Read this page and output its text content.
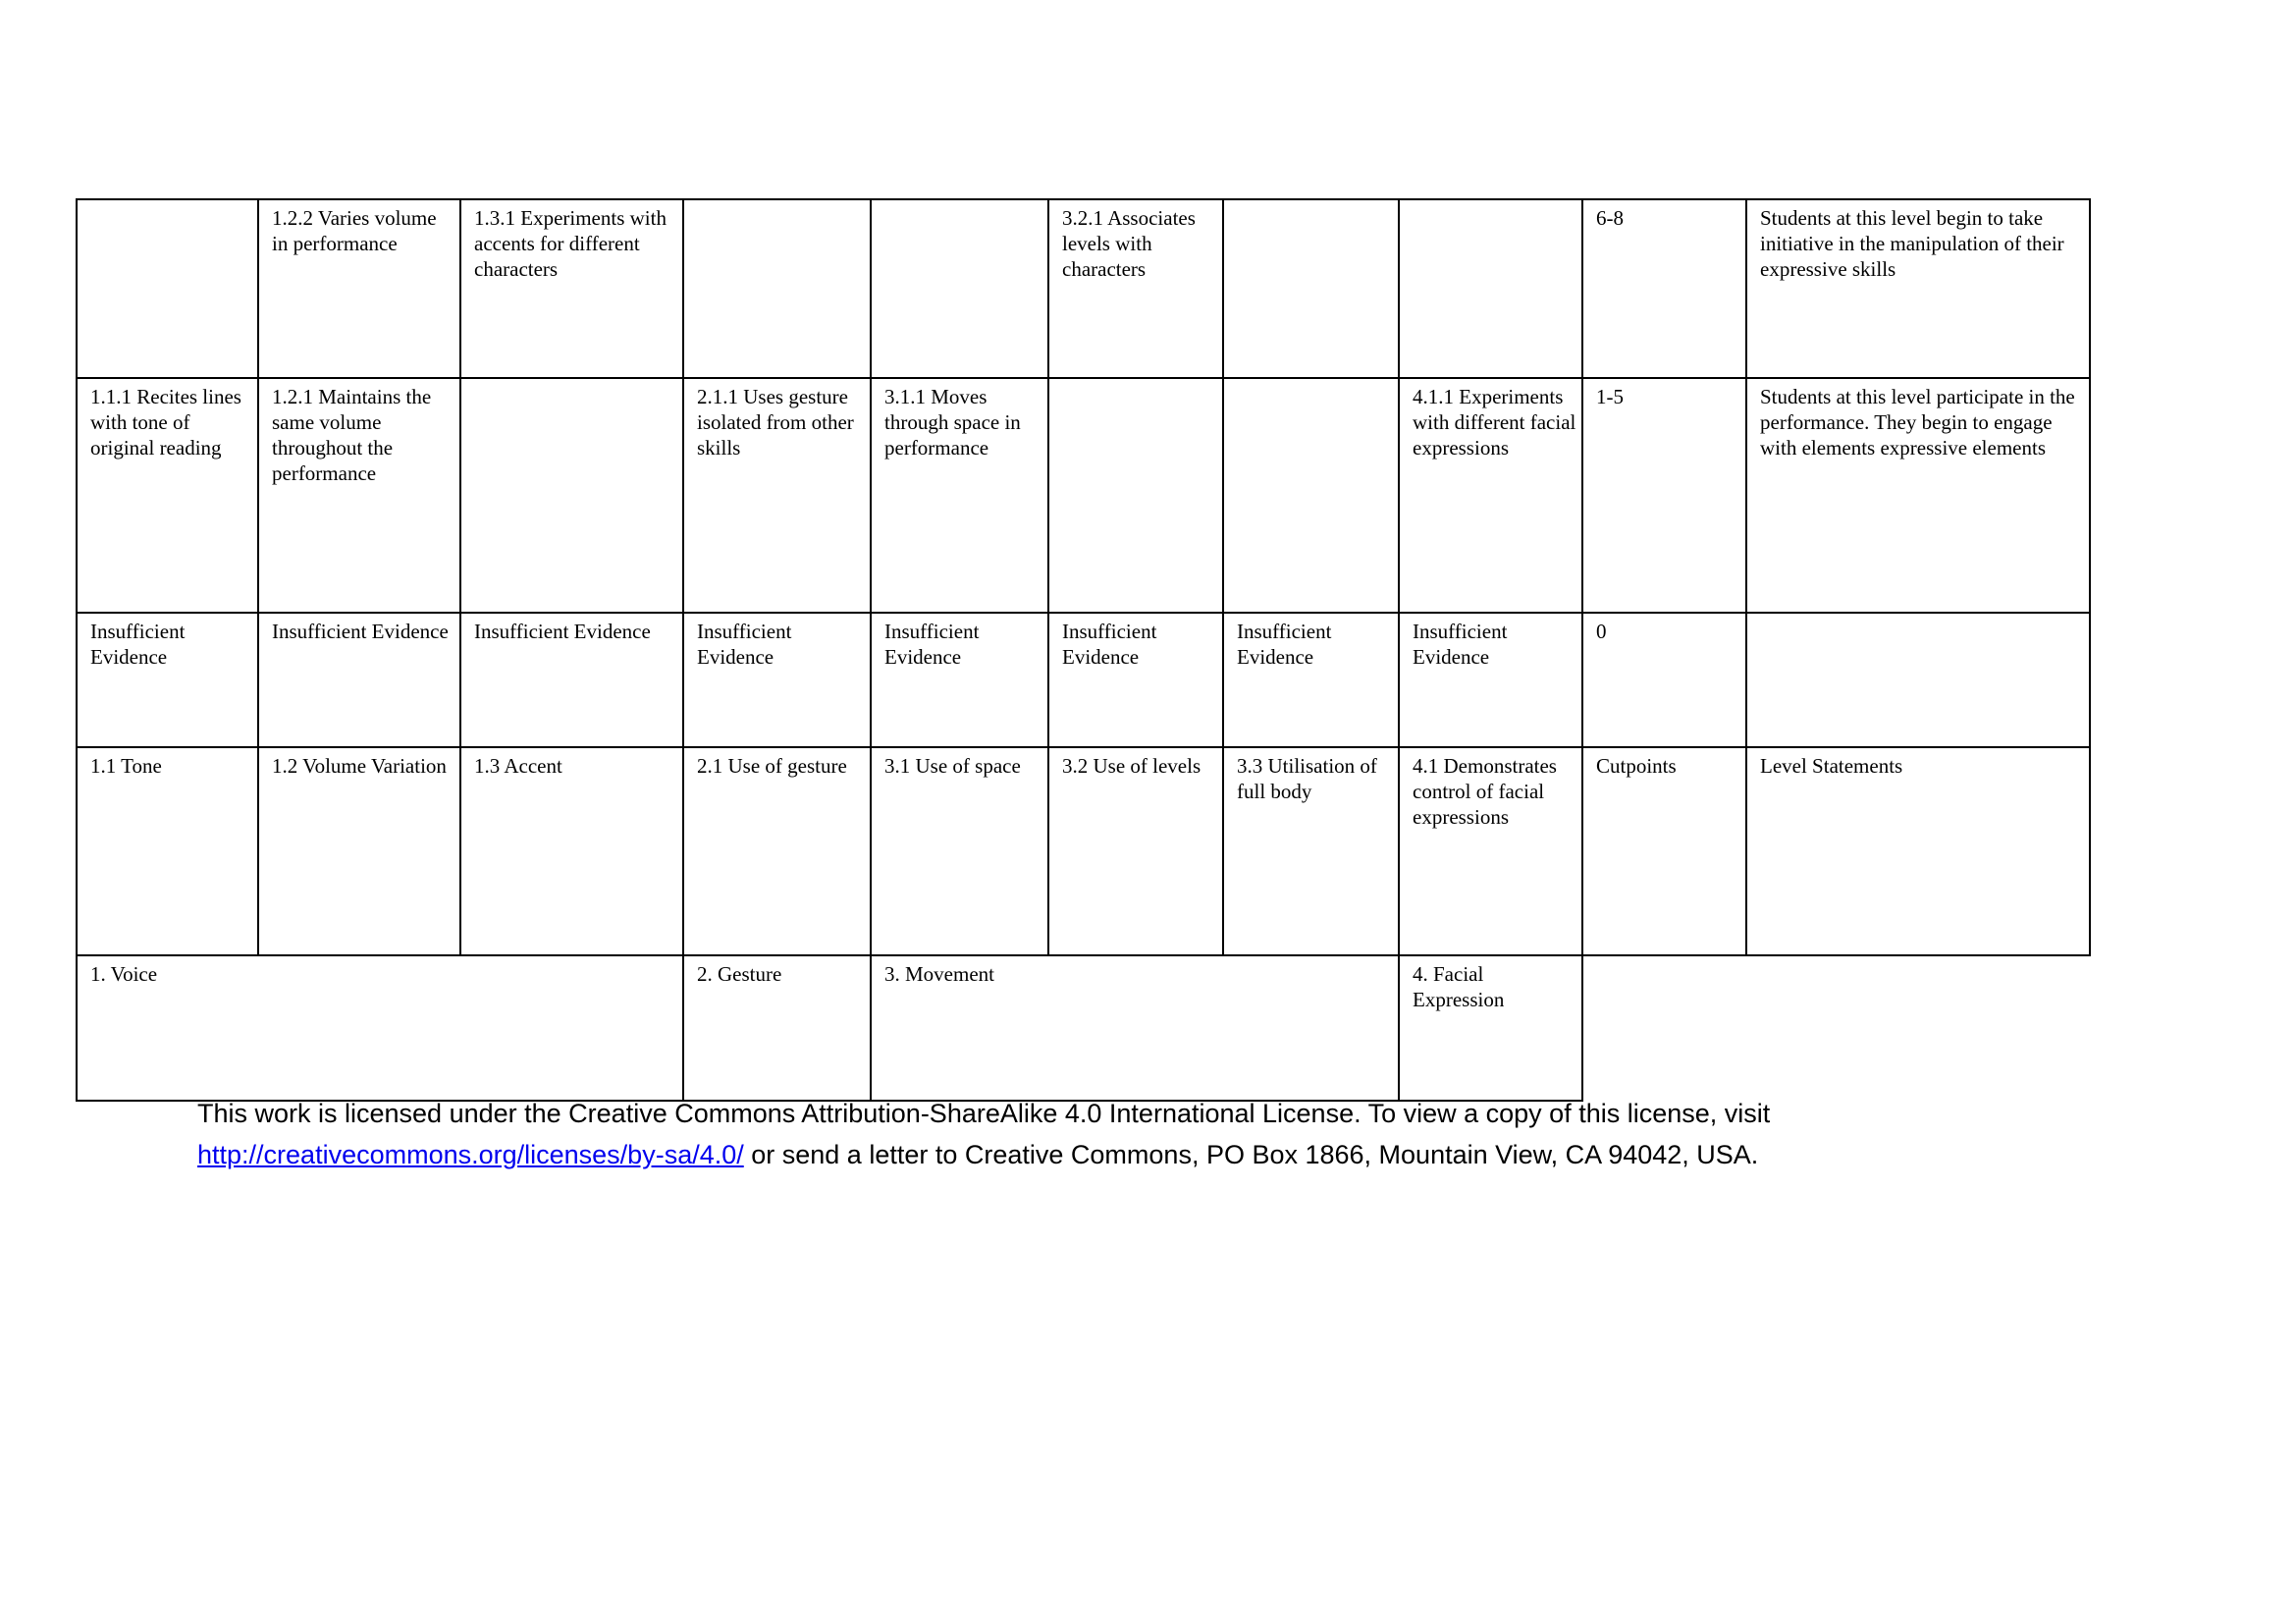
	1.2.2 Varies volume in performance	1.3.1 Experiments with accents for different characters			3.2.1 Associates levels with characters			6-8	Students at this level begin to take initiative in the manipulation of their expressive skills
1.1.1 Recites lines with tone of original reading	1.2.1 Maintains the same volume throughout the performance		2.1.1 Uses gesture isolated from other skills	3.1.1 Moves through space in performance			4.1.1 Experiments with different facial expressions	1-5	Students at this level participate in the performance. They begin to engage with elements expressive elements
Insufficient Evidence	Insufficient Evidence	Insufficient Evidence	Insufficient Evidence	Insufficient Evidence	Insufficient Evidence	Insufficient Evidence	Insufficient Evidence	0	
1.1 Tone	1.2 Volume Variation	1.3 Accent	2.1 Use of gesture	3.1 Use of space	3.2 Use of levels	3.3 Utilisation of full body	4.1 Demonstrates control of facial expressions	Cutpoints	Level Statements
1. Voice			2. Gesture	3. Movement			4. Facial Expression		
This work is licensed under the Creative Commons Attribution-ShareAlike 4.0 International License. To view a copy of this license, visit
http://creativecommons.org/licenses/by-sa/4.0/ or send a letter to Creative Commons, PO Box 1866, Mountain View, CA 94042, USA.
